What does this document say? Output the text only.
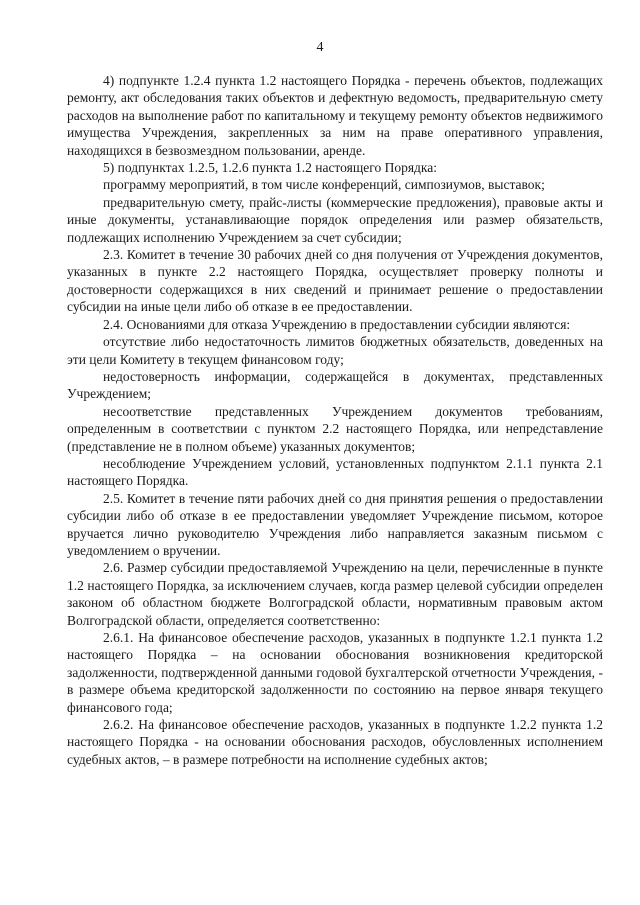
4

4) подпункте 1.2.4 пункта 1.2 настоящего Порядка - перечень объектов, подлежащих ремонту, акт обследования таких объектов и дефектную ведомость, предварительную смету расходов на выполнение работ по капитальному и текущему ремонту объектов недвижимого имущества Учреждения, закрепленных за ним на праве оперативного управления, находящихся в безвозмездном пользовании, аренде.

5) подпунктах 1.2.5, 1.2.6 пункта 1.2 настоящего Порядка:

программу мероприятий, в том числе конференций, симпозиумов, выставок;

предварительную смету, прайс-листы (коммерческие предложения), правовые акты и иные документы, устанавливающие порядок определения или размер обязательств, подлежащих исполнению Учреждением за счет субсидии;

2.3. Комитет в течение 30 рабочих дней со дня получения от Учреждения документов, указанных в пункте 2.2 настоящего Порядка, осуществляет проверку полноты и достоверности содержащихся в них сведений и принимает решение о предоставлении субсидии на иные цели либо об отказе в ее предоставлении.

2.4. Основаниями для отказа Учреждению в предоставлении субсидии являются:

отсутствие либо недостаточность лимитов бюджетных обязательств, доведенных на эти цели Комитету в текущем финансовом году;

недостоверность информации, содержащейся в документах, представленных Учреждением;

несоответствие представленных Учреждением документов требованиям, определенным в соответствии с пунктом 2.2 настоящего Порядка, или непредставление (представление не в полном объеме) указанных документов;

несоблюдение Учреждением условий, установленных подпунктом 2.1.1 пункта 2.1 настоящего Порядка.

2.5. Комитет в течение пяти рабочих дней со дня принятия решения о предоставлении субсидии либо об отказе в ее предоставлении уведомляет Учреждение письмом, которое вручается лично руководителю Учреждения либо направляется заказным письмом с уведомлением о вручении.

2.6. Размер субсидии предоставляемой Учреждению на цели, перечисленные в пункте 1.2 настоящего Порядка, за исключением случаев, когда размер целевой субсидии определен законом об областном бюджете Волгоградской области, нормативным правовым актом Волгоградской области, определяется соответственно:

2.6.1. На финансовое обеспечение расходов, указанных в подпункте 1.2.1 пункта 1.2 настоящего Порядка – на основании обоснования возникновения кредиторской задолженности, подтвержденной данными годовой бухгалтерской отчетности Учреждения, - в размере объема кредиторской задолженности по состоянию на первое января текущего финансового года;

2.6.2. На финансовое обеспечение расходов, указанных в подпункте 1.2.2 пункта 1.2 настоящего Порядка - на основании обоснования расходов, обусловленных исполнением судебных актов, – в размере потребности на исполнение судебных актов;
